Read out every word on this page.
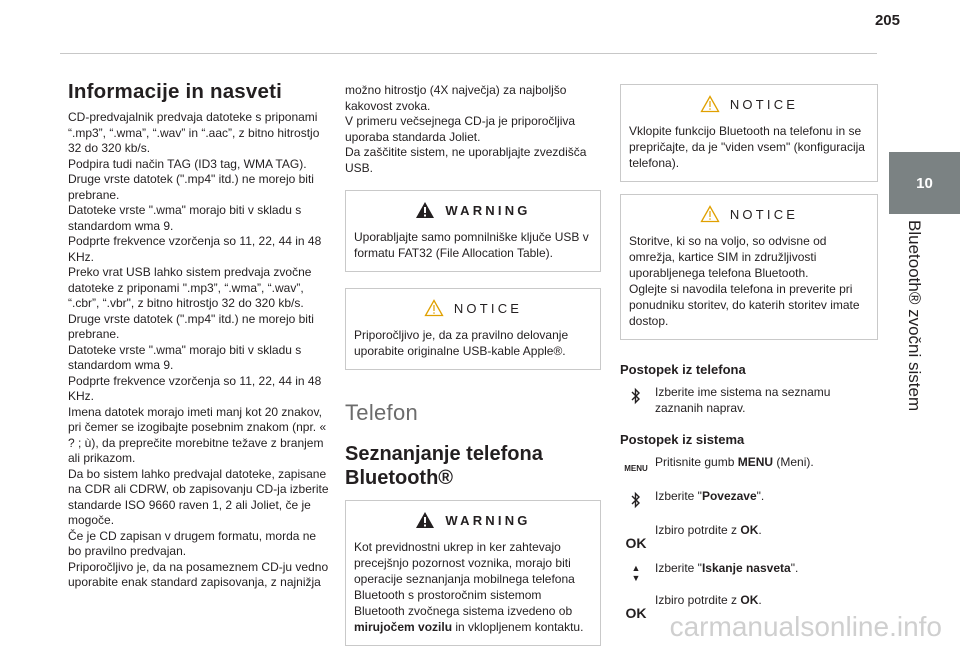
205
10
Bluetooth® zvočni sistem
Informacije in nasveti

CD-predvajalnik predvaja datoteke s priponami “.mp3”, “.wma”, “.wav” in “.aac”, z bitno hitrostjo 32 do 320 kb/s.
Podpira tudi način TAG (ID3 tag, WMA TAG).
Druge vrste datotek (".mp4" itd.) ne morejo biti prebrane.
Datoteke vrste ".wma" morajo biti v skladu s standardom wma 9.
Podprte frekvence vzorčenja so 11, 22, 44 in 48 KHz.
Preko vrat USB lahko sistem predvaja zvočne datoteke z priponami ".mp3”, “.wma”, “.wav”, “.cbr”, “.vbr", z bitno hitrostjo 32 do 320 kb/s.
Druge vrste datotek (".mp4" itd.) ne morejo biti prebrane.
Datoteke vrste ".wma" morajo biti v skladu s standardom wma 9.
Podprte frekvence vzorčenja so 11, 22, 44 in 48 KHz.
Imena datotek morajo imeti manj kot 20 znakov, pri čemer se izogibajte posebnim znakom (npr. « ? ; ù), da preprečite morebitne težave z branjem ali prikazom.
Da bo sistem lahko predvajal datoteke, zapisane na CDR ali CDRW, ob zapisovanju CD-ja izberite standarde ISO 9660 raven 1, 2 ali Joliet, če je mogoče.
Če je CD zapisan v drugem formatu, morda ne bo pravilno predvajan.
Priporočljivo je, da na posameznem CD-ju vedno uporabite enak standard zapisovanja, z najnižja

možno hitrostjo (4X največja) za najboljšo kakovost zvoka.
V primeru večsejnega CD-ja je priporočljiva uporaba standarda Joliet.
Da zaščitite sistem, ne uporabljajte zvezdišča USB.

WARNING

Uporabljajte samo pomnilniške ključe USB v formatu FAT32 (File Allocation Table).

NOTICE

Priporočljivo je, da za pravilno delovanje uporabite originalne USB-kable Apple®.

Telefon
Seznanjanje telefona
Bluetooth®
WARNING

Kot previdnostni ukrep in ker zahtevajo precejšnjo pozornost voznika, morajo biti operacije seznanjanja mobilnega telefona Bluetooth s prostoročnim sistemom Bluetooth zvočnega sistema izvedeno ob mirujočem vozilu in vklopljenem kontaktu.

NOTICE

Vklopite funkcijo Bluetooth na telefonu in se prepričajte, da je "viden vsem" (konfiguracija telefona).

NOTICE

Storitve, ki so na voljo, so odvisne od omrežja, kartice SIM in združljivosti uporabljenega telefona Bluetooth.
Oglejte si navodila telefona in preverite pri ponudniku storitev, do katerih storitev imate dostop.

Postopek iz telefona
Izberite ime sistema na seznamu zaznanih naprav.
Postopek iz sistema
MENU Pritisnite gumb MENU (Meni).
Izberite "Povezave".
OK
Izbiro potrdite z OK.
▲
▼
Izberite "Iskanje nasveta".
OK
Izbiro potrdite z OK.
carmanualsonline.info
